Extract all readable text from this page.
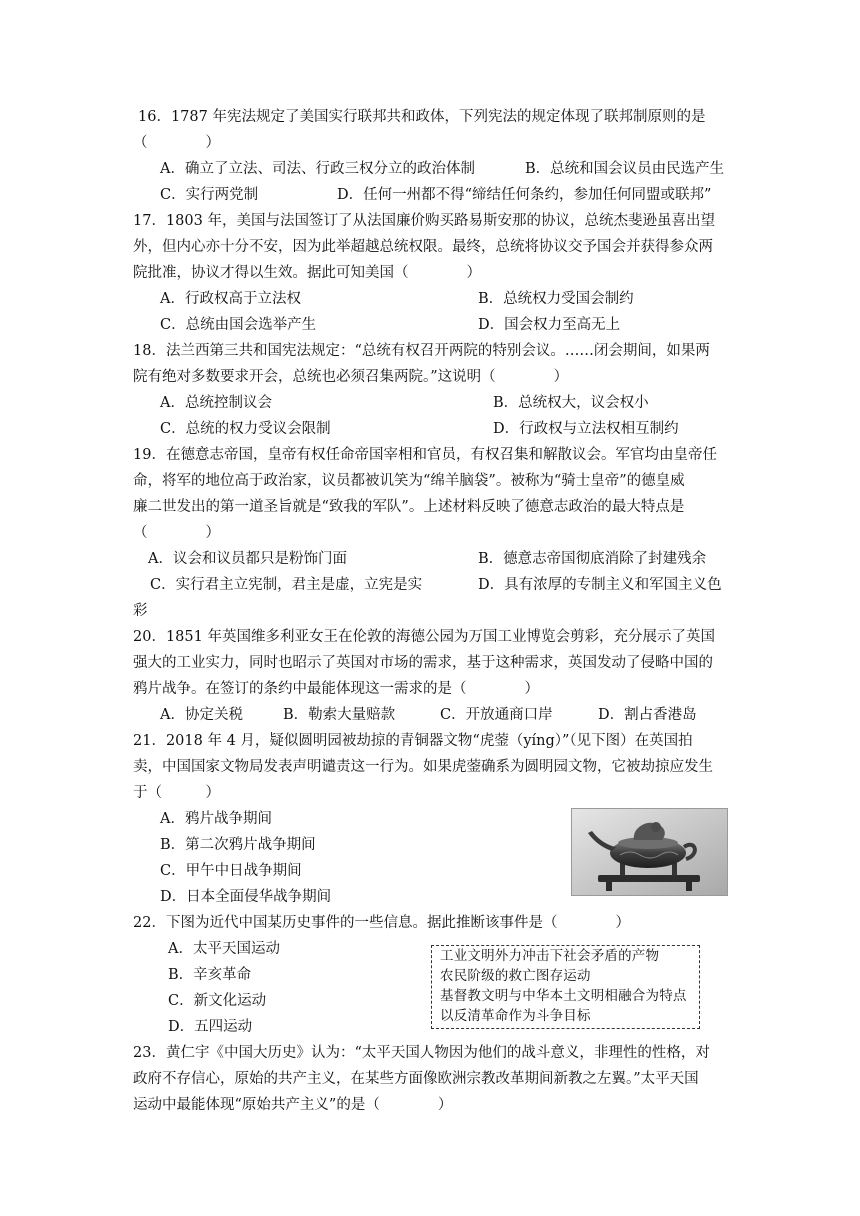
16．1787 年宪法规定了美国实行联邦共和政体，下列宪法的规定体现了联邦制原则的是
（　　　　）
A．确立了立法、司法、行政三权分立的政治体制	B．总统和国会议员由民选产生
C．实行两党制	D．任何一州都不得“缔结任何条约，参加任何同盟或联邦”
17．1803 年，美国与法国签订了从法国廉价购买路易斯安那的协议，总统杰斐逊虽喜出望
外，但内心亦十分不安，因为此举超越总统权限。最终，总统将协议交予国会并获得参众两
院批准，协议才得以生效。据此可知美国（　　　　）
A．行政权高于立法权	B．总统权力受国会制约
C．总统由国会选举产生	D．国会权力至高无上
18．法兰西第三共和国宪法规定：“总统有权召开两院的特别会议。……闭会期间，如果两
院有绝对多数要求开会，总统也必须召集两院。”这说明（　　　　）
A．总统控制议会	B．总统权大，议会权小
C．总统的权力受议会限制	D．行政权与立法权相互制约
19．在德意志帝国，皇帝有权任命帝国宰相和官员，有权召集和解散议会。军官均由皇帝任
命，将军的地位高于政治家，议员都被讥笑为“绵羊脑袋”。被称为“骑士皇帝”的德皇威
廉二世发出的第一道圣旨就是“致我的军队”。上述材料反映了德意志政治的最大特点是
（　　　　）
A．议会和议员都只是粉饰门面	B．德意志帝国彻底消除了封建残余
C．实行君主立宪制，君主是虚，立宪是实	D．具有浓厚的专制主义和军国主义色
彩
20．1851 年英国维多利亚女王在伦敦的海德公园为万国工业博览会剪彩，充分展示了英国
强大的工业实力，同时也昭示了英国对市场的需求，基于这种需求，英国发动了侵略中国的
鸦片战争。在签订的条约中最能体现这一需求的是（　　　　）
A．协定关税	B．勒索大量赔款	C．开放通商口岸	D．割占香港岛
21．2018 年 4 月，疑似圆明园被劫掠的青铜器文物“虎蓥（yíng）”（见下图）在英国拍
卖，中国国家文物局发表声明谴责这一行为。如果虎蓥确系为圆明园文物，它被劫掠应发生
于（　　　）
A．鸦片战争期间
B．第二次鸦片战争期间
C．甲午中日战争期间
D．日本全面侵华战争期间
22．下图为近代中国某历史事件的一些信息。据此推断该事件是（　　　　）
A．太平天国运动
B．辛亥革命
C．新文化运动
D．五四运动
23．黄仁宇《中国大历史》认为：“太平天国人物因为他们的战斗意义，非理性的性格，对
政府不存信心，原始的共产主义，在某些方面像欧洲宗教改革期间新教之左翼。”太平天国
运动中最能体现“原始共产主义”的是（　　　　）
工业文明外力冲击下社会矛盾的产物
农民阶级的救亡图存运动
基督教文明与中华本土文明相融合为特点
以反清革命作为斗争目标
